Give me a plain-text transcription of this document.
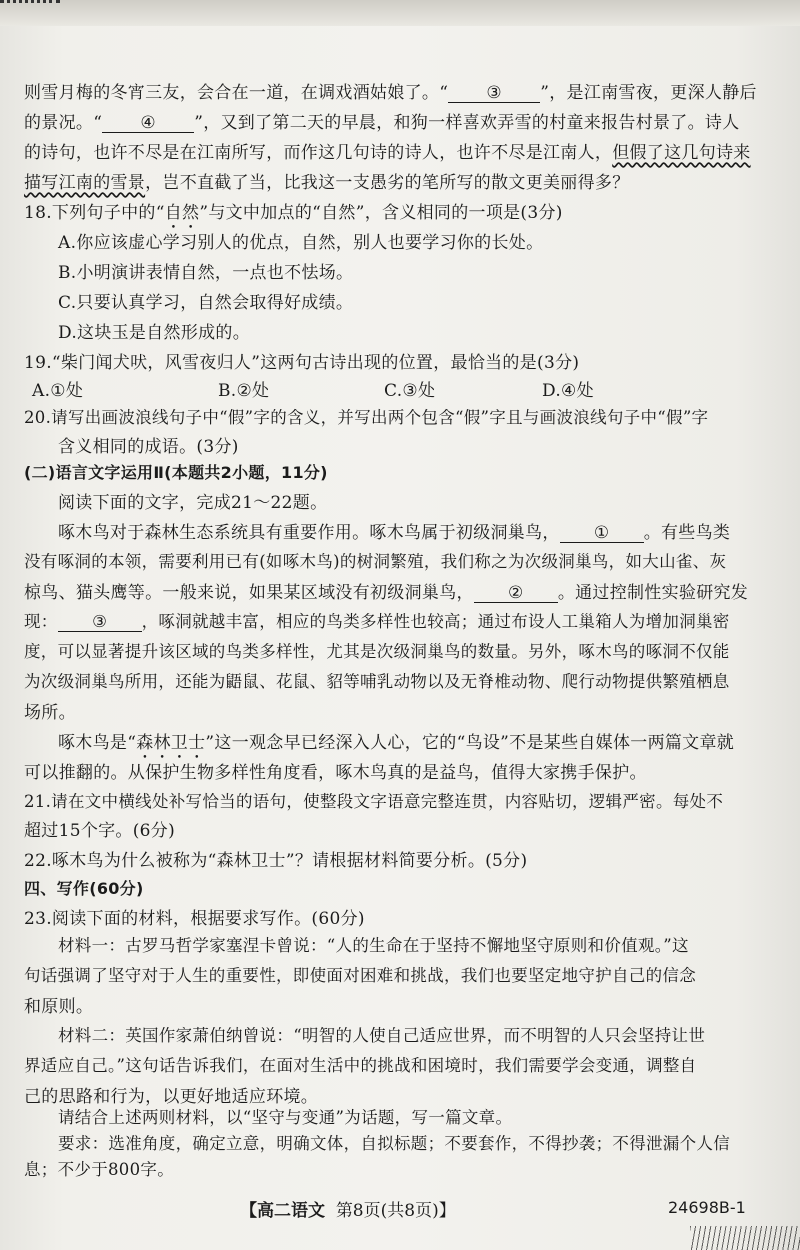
则雪月梅的冬宵三友，会合在一道，在调戏酒姑娘了。“ ③ ”，是江南雪夜，更深人静后
的景况。“ ④ ”，又到了第二天的早晨，和狗一样喜欢弄雪的村童来报告村景了。诗人
的诗句，也许不尽是在江南所写，而作这几句诗的诗人，也许不尽是江南人，但假了这几句诗来
描写江南的雪景，岂不直截了当，比我这一支愚劣的笔所写的散文更美丽得多？
18.下列句子中的“自然”与文中加点的“自然”，含义相同的一项是(3分)
A.你应该虚心学习别人的优点，自然，别人也要学习你的长处。
B.小明演讲表情自然，一点也不怯场。
C.只要认真学习，自然会取得好成绩。
D.这块玉是自然形成的。
19.“柴门闻犬吠，风雪夜归人”这两句古诗出现的位置，最恰当的是(3分)
A.①处	B.②处	C.③处	D.④处
20.请写出画波浪线句子中“假”字的含义，并写出两个包含“假”字且与画波浪线句子中“假”字
含义相同的成语。(3分)
(二)语言文字运用Ⅱ(本题共2小题，11分)
阅读下面的文字，完成21～22题。
啄木鸟对于森林生态系统具有重要作用。啄木鸟属于初级洞巢鸟， ① 。有些鸟类
没有啄洞的本领，需要利用已有(如啄木鸟)的树洞繁殖，我们称之为次级洞巢鸟，如大山雀、灰
椋鸟、猫头鹰等。一般来说，如果某区域没有初级洞巢鸟， ② 。通过控制性实验研究发
现： ③ ，啄洞就越丰富，相应的鸟类多样性也较高；通过布设人工巢箱人为增加洞巢密
度，可以显著提升该区域的鸟类多样性，尤其是次级洞巢鸟的数量。另外，啄木鸟的啄洞不仅能
为次级洞巢鸟所用，还能为鼯鼠、花鼠、貂等哺乳动物以及无脊椎动物、爬行动物提供繁殖栖息
场所。
啄木鸟是“森林卫士”这一观念早已经深入人心，它的“鸟设”不是某些自媒体一两篇文章就
可以推翻的。从保护生物多样性角度看，啄木鸟真的是益鸟，值得大家携手保护。
21.请在文中横线处补写恰当的语句，使整段文字语意完整连贯，内容贴切，逻辑严密。每处不
超过15个字。(6分)
22.啄木鸟为什么被称为“森林卫士”？请根据材料简要分析。(5分)
四、写作(60分)
23.阅读下面的材料，根据要求写作。(60分)
材料一：古罗马哲学家塞涅卡曾说：“人的生命在于坚持不懈地坚守原则和价值观。”这
句话强调了坚守对于人生的重要性，即使面对困难和挑战，我们也要坚定地守护自己的信念
和原则。
材料二：英国作家萧伯纳曾说：“明智的人使自己适应世界，而不明智的人只会坚持让世
界适应自己。”这句话告诉我们，在面对生活中的挑战和困境时，我们需要学会变通，调整自
己的思路和行为，以更好地适应环境。
【高二语文 第8页(共8页)】	24698B-1
请结合上述两则材料，以“坚守与变通”为话题，写一篇文章。
要求：选准角度，确定立意，明确文体，自拟标题；不要套作，不得抄袭；不得泄漏个人信
息；不少于800字。
